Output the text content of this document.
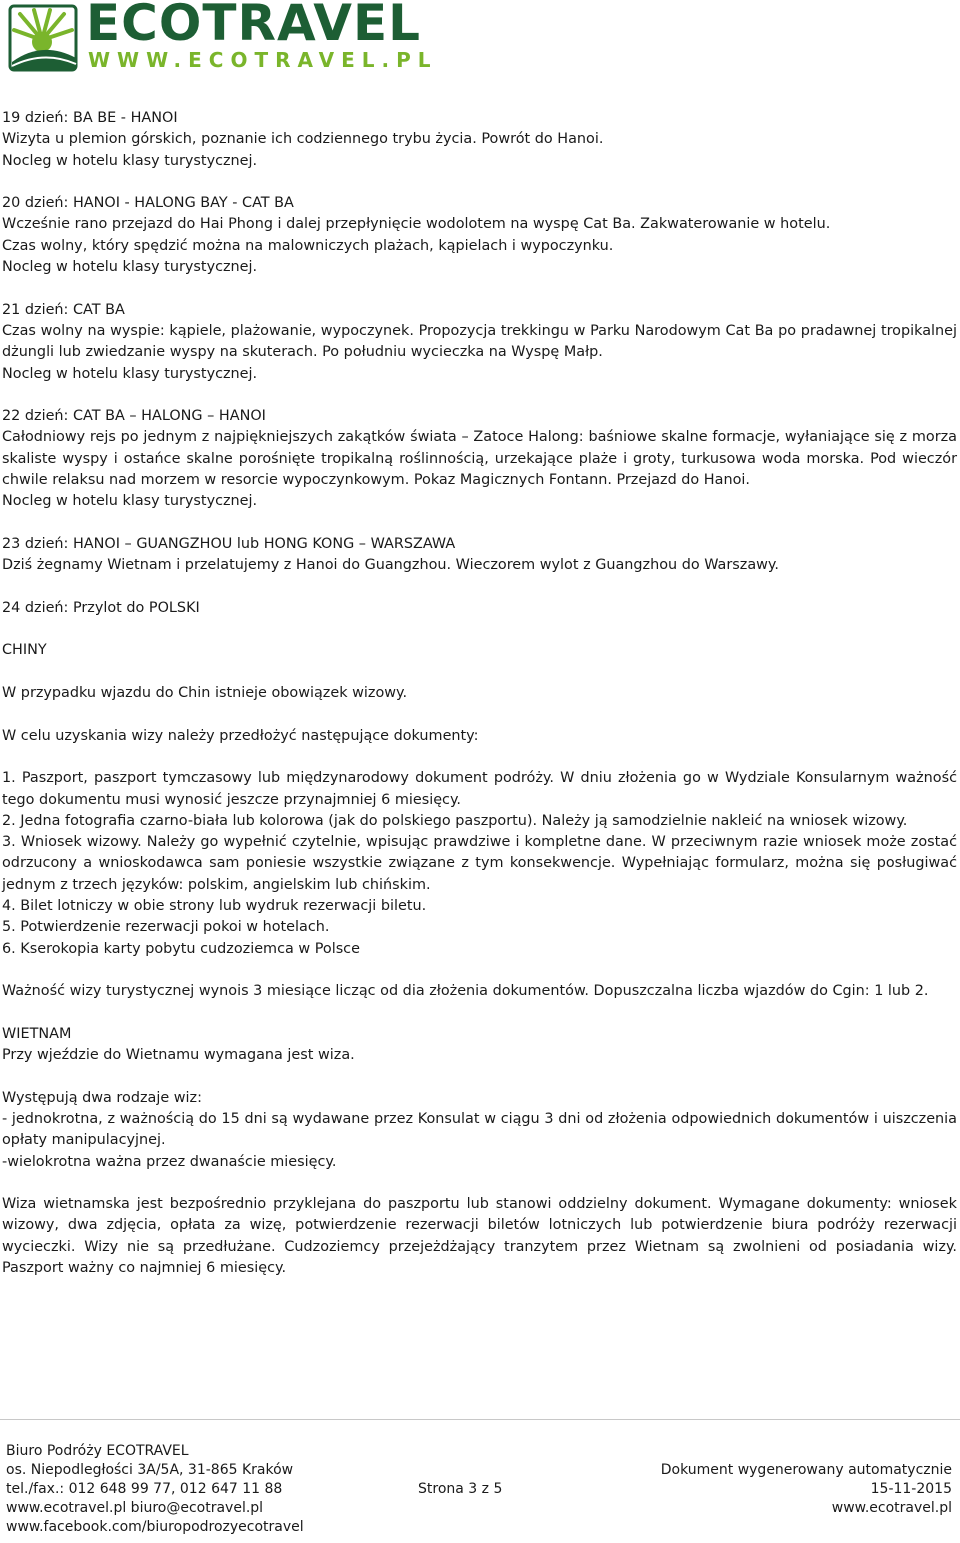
ECOTRAVEL
WWW.ECOTRAVEL.PL

19 dzień: BA BE - HANOI
Wizyta u plemion górskich, poznanie ich codziennego trybu życia. Powrót do Hanoi.
Nocleg w hotelu klasy turystycznej.

20 dzień: HANOI - HALONG BAY - CAT BA
Wcześnie rano przejazd do Hai Phong i dalej przepłynięcie wodolotem na wyspę Cat Ba. Zakwaterowanie w hotelu.
Czas wolny, który spędzić można na malowniczych plażach, kąpielach i wypoczynku.
Nocleg w hotelu klasy turystycznej.

21 dzień: CAT BA
Czas wolny na wyspie: kąpiele, plażowanie, wypoczynek. Propozycja trekkingu w Parku Narodowym Cat Ba po pradawnej tropikalnej dżungli lub zwiedzanie wyspy na skuterach. Po południu wycieczka na Wyspę Małp.
Nocleg w hotelu klasy turystycznej.

22 dzień: CAT BA – HALONG – HANOI
Całodniowy rejs po jednym z najpiękniejszych zakątków świata – Zatoce Halong: baśniowe skalne formacje, wyłaniające się z morza skaliste wyspy i ostańce skalne porośnięte tropikalną roślinnością, urzekające plaże i groty, turkusowa woda morska. Pod wieczór chwile relaksu nad morzem w resorcie wypoczynkowym. Pokaz Magicznych Fontann. Przejazd do Hanoi.
Nocleg w hotelu klasy turystycznej.

23 dzień: HANOI – GUANGZHOU lub HONG KONG – WARSZAWA
Dziś żegnamy Wietnam i przelatujemy z Hanoi do Guangzhou. Wieczorem wylot z Guangzhou do Warszawy.

24 dzień: Przylot do POLSKI

CHINY

W przypadku wjazdu do Chin istnieje obowiązek wizowy.

W celu uzyskania wizy należy przedłożyć następujące dokumenty:

1. Paszport, paszport tymczasowy lub międzynarodowy dokument podróży. W dniu złożenia go w Wydziale Konsularnym ważność tego dokumentu musi wynosić jeszcze przynajmniej 6 miesięcy.
2. Jedna fotografia czarno-biała lub kolorowa (jak do polskiego paszportu). Należy ją samodzielnie nakleić na wniosek wizowy.
3. Wniosek wizowy. Należy go wypełnić czytelnie, wpisując prawdziwe i kompletne dane. W przeciwnym razie wniosek może zostać odrzucony a wnioskodawca sam poniesie wszystkie związane z tym konsekwencje. Wypełniając formularz, można się posługiwać jednym z trzech języków: polskim, angielskim lub chińskim.
4. Bilet lotniczy w obie strony lub wydruk rezerwacji biletu.
5. Potwierdzenie rezerwacji pokoi w hotelach.
6. Kserokopia karty pobytu cudzoziemca w Polsce

Ważność wizy turystycznej wynois 3 miesiące licząc od dia złożenia dokumentów. Dopuszczalna liczba wjazdów do Cgin: 1 lub 2.

WIETNAM
Przy wjeździe do Wietnamu wymagana jest wiza.

Występują dwa rodzaje wiz:
- jednokrotna, z ważnością do 15 dni są wydawane przez Konsulat w ciągu 3 dni od złożenia odpowiednich dokumentów i uiszczenia opłaty manipulacyjnej.
-wielokrotna ważna przez dwanaście miesięcy.

Wiza wietnamska jest bezpośrednio przyklejana do paszportu lub stanowi oddzielny dokument. Wymagane dokumenty: wniosek wizowy, dwa zdjęcia, opłata za wizę, potwierdzenie rezerwacji biletów lotniczych lub potwierdzenie biura podróży rezerwacji wycieczki. Wizy nie są przedłużane. Cudzoziemcy przejeżdżający tranzytem przez Wietnam są zwolnieni od posiadania wizy. Paszport ważny co najmniej 6 miesięcy.

Biuro Podróży ECOTRAVEL
os. Niepodległości 3A/5A, 31-865 Kraków
tel./fax.: 012 648 99 77, 012 647 11 88
www.ecotravel.pl biuro@ecotravel.pl
www.facebook.com/biuropodrozyecotravel
Strona 3 z 5
Dokument wygenerowany automatycznie
15-11-2015
www.ecotravel.pl
